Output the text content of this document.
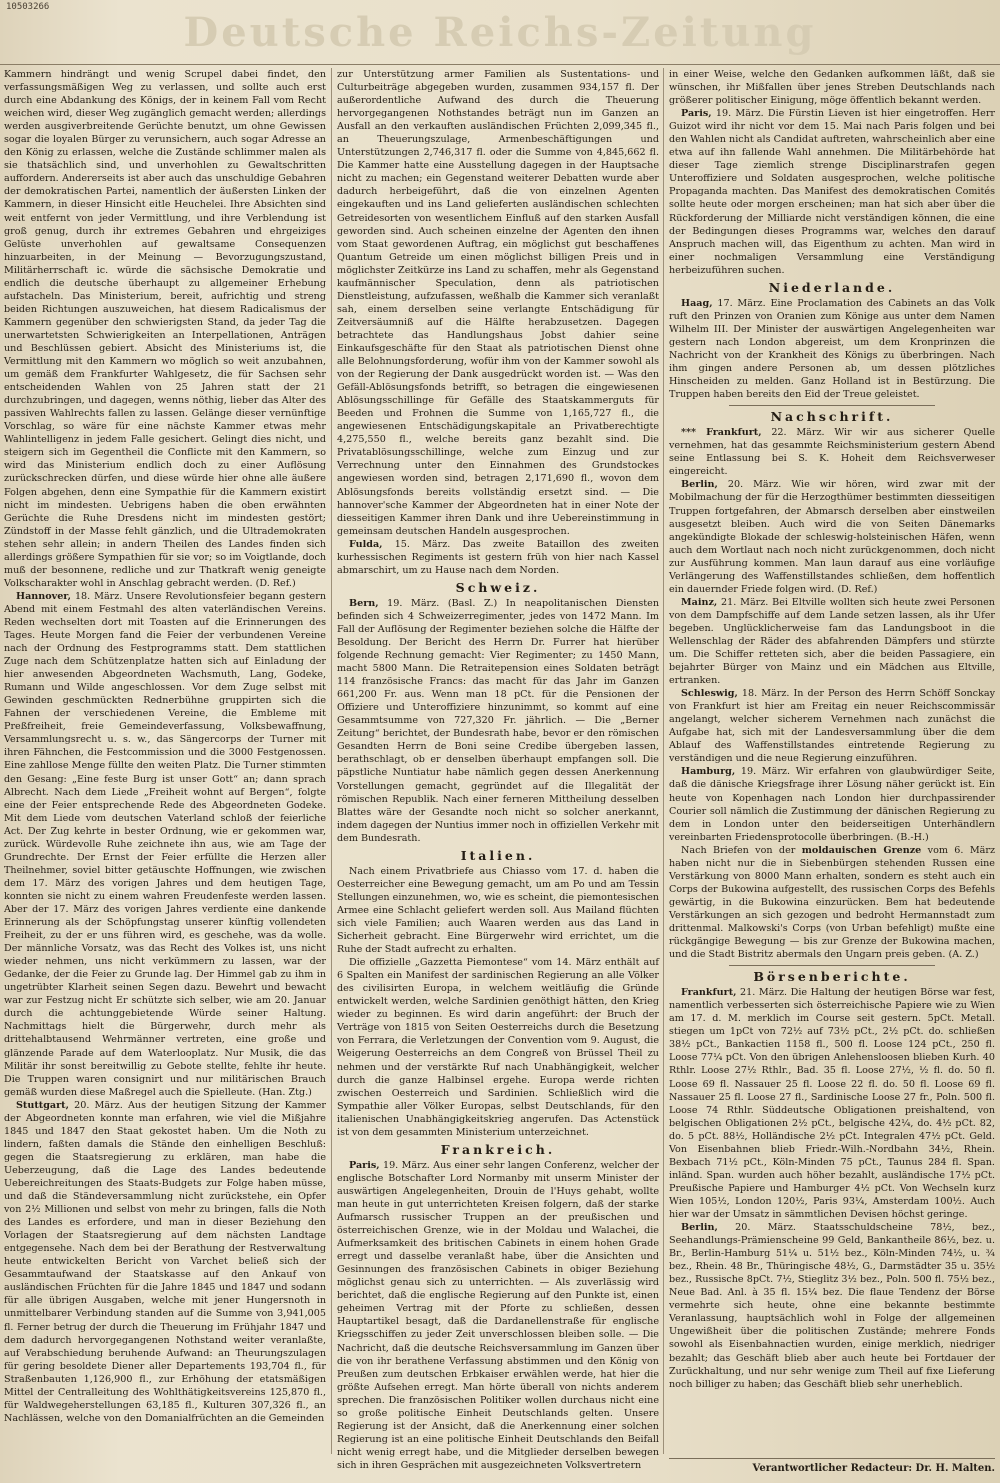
10503266
Deutsche Reichs-Zeitung

Kammern hindrängt und wenig Scrupel dabei findet, den verfassungsmäßigen Weg zu verlassen, und sollte auch erst durch eine Abdankung des Königs, der in keinem Fall vom Recht weichen wird, dieser Weg zugänglich gemacht werden; allerdings werden ausgiverbreitende Gerüchte benutzt, um ohne Gewissen sogar die loyalen Bürger zu verunsichern, auch sogar Adresse an den König zu erlassen, welche die Zustände schlimmer malen als sie thatsächlich sind, und unverhohlen zu Gewaltschritten auffordern. Andererseits ist aber auch das unschuldige Gebahren der demokratischen Partei, namentlich der äußersten Linken der Kammern, in dieser Hinsicht eitle Heuchelei. Ihre Absichten sind weit entfernt von jeder Vermittlung, und ihre Verblendung ist groß genug, durch ihr extremes Gebahren und ehrgeiziges Gelüste unverhohlen auf gewaltsame Consequenzen hinzuarbeiten, in der Meinung — Bevorzugungszustand, Militärherrschaft ic. würde die sächsische Demokratie und endlich die deutsche überhaupt zu allgemeiner Erhebung aufstacheln. Das Ministerium, bereit, aufrichtig und streng beiden Richtungen auszuweichen, hat diesem Radicalismus der Kammern gegenüber den schwierigsten Stand, da jeder Tag die unerwartetsten Schwierigkeiten an Interpellationen, Anträgen und Beschlüssen gebiert. Absicht des Ministeriums ist, die Vermittlung mit den Kammern wo möglich so weit anzubahnen, um gemäß dem Frankfurter Wahlgesetz, die für Sachsen sehr entscheidenden Wahlen von 25 Jahren statt der 21 durchzubringen, und dagegen, wenns nöthig, lieber das Alter des passiven Wahlrechts fallen zu lassen. Gelänge dieser vernünftige Vorschlag, so wäre für eine nächste Kammer etwas mehr Wahlintelligenz in jedem Falle gesichert. Gelingt dies nicht, und steigern sich im Gegentheil die Conflicte mit den Kammern, so wird das Ministerium endlich doch zu einer Auflösung zurückschrecken dürfen, und diese würde hier ohne alle äußere Folgen abgehen, denn eine Sympathie für die Kammern existirt nicht im mindesten. Uebrigens haben die oben erwähnten Gerüchte die Ruhe Dresdens nicht im mindesten gestört; Zündstoff in der Masse fehlt gänzlich, und die Ultrademokraten stehen sehr allein; in andern Theilen des Landes finden sich allerdings größere Sympathien für sie vor; so im Voigtlande, doch muß der besonnene, redliche und zur Thatkraft wenig geneigte Volkscharakter wohl in Anschlag gebracht werden. (D. Ref.)

Hannover, 18. März. Unsere Revolutionsfeier begann gestern Abend mit einem Festmahl des alten vaterländischen Vereins. Reden wechselten dort mit Toasten auf die Erinnerungen des Tages. Heute Morgen fand die Feier der verbundenen Vereine nach der Ordnung des Festprogramms statt. Dem stattlichen Zuge nach dem Schützenplatze hatten sich auf Einladung der hier anwesenden Abgeordneten Wachsmuth, Lang, Godeke, Rumann und Wilde angeschlossen. Vor dem Zuge selbst mit Gewinden geschmückten Rednerbühne gruppirten sich die Fahnen der verschiedenen Vereine, die Embleme mit Preßfreiheit, freie Gemeindeverfassung, Volksbewaffnung, Versammlungsrecht u. s. w., das Sängercorps der Turner mit ihren Fähnchen, die Festcommission und die 3000 Festgenossen. Eine zahllose Menge füllte den weiten Platz. Die Turner stimmten den Gesang: „Eine feste Burg ist unser Gott“ an; dann sprach Albrecht. Nach dem Liede „Freiheit wohnt auf Bergen“, folgte eine der Feier entsprechende Rede des Abgeordneten Godeke. Mit dem Liede vom deutschen Vaterland schloß der feierliche Act. Der Zug kehrte in bester Ordnung, wie er gekommen war, zurück. Würdevolle Ruhe zeichnete ihn aus, wie am Tage der Grundrechte. Der Ernst der Feier erfüllte die Herzen aller Theilnehmer, soviel bitter getäuschte Hoffnungen, wie zwischen dem 17. März des vorigen Jahres und dem heutigen Tage, konnten sie nicht zu einem wahren Freudenfeste werden lassen. Aber der 17. März des vorigen Jahres verdiente eine dankende Erinnerung als der Schöpfungstag unserer künftig vollendeten Freiheit, zu der er uns führen wird, es geschehe, was da wolle. Der männliche Vorsatz, was das Recht des Volkes ist, uns nicht wieder nehmen, uns nicht verkümmern zu lassen, war der Gedanke, der die Feier zu Grunde lag. Der Himmel gab zu ihm in ungetrübter Klarheit seinen Segen dazu. Bewehrt und bewacht war zur Festzug nicht Er schützte sich selber, wie am 20. Januar durch die achtunggebietende Würde seiner Haltung. Nachmittags hielt die Bürgerwehr, durch mehr als drittehalbtausend Wehrmänner vertreten, eine große und glänzende Parade auf dem Waterlooplatz. Nur Musik, die das Militär ihr sonst bereitwillig zu Gebote stellte, fehlte ihr heute. Die Truppen waren consignirt und nur militärischen Brauch gemäß wurden diese Maßregel auch die Spielleute. (Han. Ztg.)

Stuttgart, 20. März. Aus der heutigen Sitzung der Kammer der Abgeordneten konnte man erfahren, wie viel die Mißjahre 1845 und 1847 den Staat gekostet haben. Um die Noth zu lindern, faßten damals die Stände den einhelligen Beschluß: gegen die Staatsregierung zu erklären, man habe die Ueberzeugung, daß die Lage des Landes bedeutende Uebereichreitungen des Staats-Budgets zur Folge haben müsse, und daß die Ständeversammlung nicht zurückstehe, ein Opfer von 2½ Millionen und selbst von mehr zu bringen, falls die Noth des Landes es erfordere, und man in dieser Beziehung den Vorlagen der Staatsregierung auf dem nächsten Landtage entgegensehe. Nach dem bei der Berathung der Restverwaltung heute entwickelten Bericht von Varchet beließ sich der Gesammtaufwand der Staatskasse auf den Ankauf von ausländischen Früchten für die Jahre 1845 und 1847 und sodann für alle übrigen Ausgaben, welche mit jener Hungersnoth in unmittelbarer Verbindung standen auf die Summe von 3,941,005 fl. Ferner betrug der durch die Theuerung im Frühjahr 1847 und dem dadurch hervorgegangenen Nothstand weiter veranlaßte, auf Verabschiedung beruhende Aufwand: an Theurungszulagen für gering besoldete Diener aller Departements 193,704 fl., für Straßenbauten 1,126,900 fl., zur Erhöhung der etatsmäßigen Mittel der Centralleitung des Wohlthätigkeitsvereins 125,870 fl., für Waldwegeherstellungen 63,185 fl., Kulturen 307,326 fl., an Nachlässen, welche von den Domanialfrüchten an die Gemeinden

zur Unterstützung armer Familien als Sustentations- und Culturbeiträge abgegeben wurden, zusammen 934,157 fl. Der außerordentliche Aufwand des durch die Theuerung hervorgegangenen Nothstandes beträgt nun im Ganzen an Ausfall an den verkauften ausländischen Früchten 2,099,345 fl., an Theuerungszulage, Armenbeschäftigungen und Unterstützungen 2,746,317 fl. oder die Summe von 4,845,662 fl. Die Kammer hatte eine Ausstellung dagegen in der Hauptsache nicht zu machen; ein Gegenstand weiterer Debatten wurde aber dadurch herbeigeführt, daß die von einzelnen Agenten eingekauften und ins Land gelieferten ausländischen schlechten Getreidesorten von wesentlichem Einfluß auf den starken Ausfall geworden sind. Auch scheinen einzelne der Agenten den ihnen vom Staat gewordenen Auftrag, ein möglichst gut beschaffenes Quantum Getreide um einen möglichst billigen Preis und in möglichster Zeitkürze ins Land zu schaffen, mehr als Gegenstand kaufmännischer Speculation, denn als patriotischen Dienstleistung, aufzufassen, weßhalb die Kammer sich veranlaßt sah, einem derselben seine verlangte Entschädigung für Zeitversäumniß auf die Hälfte herabzusetzen. Dagegen betrachtete das Handlungshaus Jobst dahier seine Einkaufsgeschäfte für den Staat als patriotischen Dienst ohne alle Belohnungsforderung, wofür ihm von der Kammer sowohl als von der Regierung der Dank ausgedrückt worden ist. — Was den Gefäll-Ablösungsfonds betrifft, so betragen die eingewiesenen Ablösungsschillinge für Gefälle des Staatskammerguts für Beeden und Frohnen die Summe von 1,165,727 fl., die angewiesenen Entschädigungskapitale an Privatberechtigte 4,275,550 fl., welche bereits ganz bezahlt sind. Die Privatablösungsschillinge, welche zum Einzug und zur Verrechnung unter den Einnahmen des Grundstockes angewiesen worden sind, betragen 2,171,690 fl., wovon dem Ablösungsfonds bereits vollständig ersetzt sind. — Die hannover'sche Kammer der Abgeordneten hat in einer Note der diesseitigen Kammer ihren Dank und ihre Uebereinstimmung in gemeinsam deutschen Handeln ausgesprochen.

Fulda, 15. März. Das zweite Bataillon des zweiten kurhessischen Regiments ist gestern früh von hier nach Kassel abmarschirt, um zu Hause nach dem Norden.

Schweiz.

Bern, 19. März. (Basl. Z.) In neapolitanischen Diensten befinden sich 4 Schweizerregimenter, jedes von 1472 Mann. Im Fall der Auflösung der Regimenter beziehen solche die Hälfte der Besoldung. Der Bericht des Herrn Dr. Furrer hat hierüber folgende Rechnung gemacht: Vier Regimenter; zu 1450 Mann, macht 5800 Mann. Die Retraitepension eines Soldaten beträgt 114 französische Francs: das macht für das Jahr im Ganzen 661,200 Fr. aus. Wenn man 18 pCt. für die Pensionen der Offiziere und Unteroffiziere hinzunimmt, so kommt auf eine Gesammtsumme von 727,320 Fr. jährlich. — Die „Berner Zeitung“ berichtet, der Bundesrath habe, bevor er den römischen Gesandten Herrn de Boni seine Credibe übergeben lassen, berathschlagt, ob er denselben überhaupt empfangen soll. Die päpstliche Nuntiatur habe nämlich gegen dessen Anerkennung Vorstellungen gemacht, gegründet auf die Illegalität der römischen Republik. Nach einer ferneren Mittheilung desselben Blattes wäre der Gesandte noch nicht so solcher anerkannt, indem dagegen der Nuntius immer noch in offiziellen Verkehr mit dem Bundesrath.

Italien.

Nach einem Privatbriefe aus Chiasso vom 17. d. haben die Oesterreicher eine Bewegung gemacht, um am Po und am Tessin Stellungen einzunehmen, wo, wie es scheint, die piemontesischen Armee eine Schlacht geliefert werden soll. Aus Mailand flüchten sich viele Familien; auch Waaren werden aus das Land in Sicherheit gebracht. Eine Bürgerwehr wird errichtet, um die Ruhe der Stadt aufrecht zu erhalten.

Die offizielle „Gazzetta Piemontese“ vom 14. März enthält auf 6 Spalten ein Manifest der sardinischen Regierung an alle Völker des civilisirten Europa, in welchem weitläufig die Gründe entwickelt werden, welche Sardinien genöthigt hätten, den Krieg wieder zu beginnen. Es wird darin angeführt: der Bruch der Verträge von 1815 von Seiten Oesterreichs durch die Besetzung von Ferrara, die Verletzungen der Convention vom 9. August, die Weigerung Oesterreichs an dem Congreß von Brüssel Theil zu nehmen und der verstärkte Ruf nach Unabhängigkeit, welcher durch die ganze Halbinsel ergehe. Europa werde richten zwischen Oesterreich und Sardinien. Schließlich wird die Sympathie aller Völker Europas, selbst Deutschlands, für den italienischen Unabhängigkeitskrieg angerufen. Das Actenstück ist von dem gesammten Ministerium unterzeichnet.

Frankreich.

Paris, 19. März. Aus einer sehr langen Conferenz, welcher der englische Botschafter Lord Normanby mit unserm Minister der auswärtigen Angelegenheiten, Drouin de l'Huys gehabt, wollte man heute in gut unterrichteten Kreisen folgern, daß der starke Aufmarsch russischer Truppen an der preußischen und österreichischen Grenze, wie in der Moldau und Walachei, die Aufmerksamkeit des britischen Cabinets in einem hohen Grade erregt und dasselbe veranlaßt habe, über die Ansichten und Gesinnungen des französischen Cabinets in obiger Beziehung möglichst genau sich zu unterrichten. — Als zuverlässig wird berichtet, daß die englische Regierung auf den Punkte ist, einen geheimen Vertrag mit der Pforte zu schließen, dessen Hauptartikel besagt, daß die Dardanellenstraße für englische Kriegsschiffen zu jeder Zeit unverschlossen bleiben solle. — Die Nachricht, daß die deutsche Reichsversammlung im Ganzen über die von ihr berathene Verfassung abstimmen und den König von Preußen zum deutschen Erbkaiser erwählen werde, hat hier die größte Aufsehen erregt. Man hörte überall von nichts anderem sprechen. Die französischen Politiker wollen durchaus nicht eine so große politische Einheit Deutschlands gelten. Unsere Regierung ist der Ansicht, daß die Anerkennung einer solchen Regierung ist an eine politische Einheit Deutschlands den Beifall nicht wenig erregt habe, und die Mitglieder derselben bewegen sich in ihren Gesprächen mit ausgezeichneten Volksvertretern

in einer Weise, welche den Gedanken aufkommen läßt, daß sie wünschen, ihr Mißfallen über jenes Streben Deutschlands nach größerer politischer Einigung, möge öffentlich bekannt werden.

Paris, 19. März. Die Fürstin Lieven ist hier eingetroffen. Herr Guizot wird ihr nicht vor dem 15. Mai nach Paris folgen und bei den Wahlen nicht als Candidat auftreten, wahrscheinlich aber eine etwa auf ihn fallende Wahl annehmen. Die Militärbehörde hat dieser Tage ziemlich strenge Disciplinarstrafen gegen Unteroffiziere und Soldaten ausgesprochen, welche politische Propaganda machten. Das Manifest des demokratischen Comités sollte heute oder morgen erscheinen; man hat sich aber über die Rückforderung der Milliarde nicht verständigen können, die eine der Bedingungen dieses Programms war, welches den darauf Anspruch machen will, das Eigenthum zu achten. Man wird in einer nochmaligen Versammlung eine Verständigung herbeizuführen suchen.

Niederlande.

Haag, 17. März. Eine Proclamation des Cabinets an das Volk ruft den Prinzen von Oranien zum Könige aus unter dem Namen Wilhelm III. Der Minister der auswärtigen Angelegenheiten war gestern nach London abgereist, um dem Kronprinzen die Nachricht von der Krankheit des Königs zu überbringen. Nach ihm gingen andere Personen ab, um dessen plötzliches Hinscheiden zu melden. Ganz Holland ist in Bestürzung. Die Truppen haben bereits den Eid der Treue geleistet.

Nachschrift.

*** Frankfurt, 22. März. Wir wir aus sicherer Quelle vernehmen, hat das gesammte Reichsministerium gestern Abend seine Entlassung bei S. K. Hoheit dem Reichsverweser eingereicht.

Berlin, 20. März. Wie wir hören, wird zwar mit der Mobilmachung der für die Herzogthümer bestimmten diesseitigen Truppen fortgefahren, der Abmarsch derselben aber einstweilen ausgesetzt bleiben. Auch wird die von Seiten Dänemarks angekündigte Blokade der schleswig-holsteinischen Häfen, wenn auch dem Wortlaut nach noch nicht zurückgenommen, doch nicht zur Ausführung kommen. Man laun darauf aus eine vorläufige Verlängerung des Waffenstillstandes schließen, dem hoffentlich ein dauernder Friede folgen wird. (D. Ref.)

Mainz, 21. März. Bei Eltville wollten sich heute zwei Personen von dem Dampfschiffe auf dem Lande setzen lassen, als ihr Ufer begeben. Unglücklicherweise fam das Landungsboot in die Wellenschlag der Räder des abfahrenden Dämpfers und stürzte um. Die Schiffer retteten sich, aber die beiden Passagiere, ein bejahrter Bürger von Mainz und ein Mädchen aus Eltville, ertranken.

Schleswig, 18. März. In der Person des Herrn Schöff Sonckay von Frankfurt ist hier am Freitag ein neuer Reichscommissär angelangt, welcher sicherem Vernehmen nach zunächst die Aufgabe hat, sich mit der Landesversammlung über die dem Ablauf des Waffenstillstandes eintretende Regierung zu verständigen und die neue Regierung einzuführen.

Hamburg, 19. März. Wir erfahren von glaubwürdiger Seite, daß die dänische Kriegsfrage ihrer Lösung näher gerückt ist. Ein heute von Kopenhagen nach London hier durchpassirender Courier soll nämlich die Zustimmung der dänischen Regierung zu dem in London unter den beiderseitigen Unterhändlern vereinbarten Friedensprotocolle überbringen. (B.-H.)

Nach Briefen von der moldauischen Grenze vom 6. März haben nicht nur die in Siebenbürgen stehenden Russen eine Verstärkung von 8000 Mann erhalten, sondern es steht auch ein Corps der Bukowina aufgestellt, des russischen Corps des Befehls gewärtig, in die Bukowina einzurücken. Bem hat bedeutende Verstärkungen an sich gezogen und bedroht Hermannstadt zum drittenmal. Malkowski's Corps (von Urban befehligt) mußte eine rückgängige Bewegung — bis zur Grenze der Bukowina machen, und die Stadt Bistritz abermals den Ungarn preis geben. (A. Z.)

Börsenberichte.

Frankfurt, 21. März. Die Haltung der heutigen Börse war fest, namentlich verbesserten sich österreichische Papiere wie zu Wien am 17. d. M. merklich im Course seit gestern. 5pCt. Metall. stiegen um 1pCt von 72½ auf 73½ pCt., 2½ pCt. do. schließen 38½ pCt., Bankactien 1158 fl., 500 fl. Loose 124 pCt., 250 fl. Loose 77¼ pCt. Von den übrigen Anlehensloosen blieben Kurh. 40 Rthlr. Loose 27½ Rthlr., Bad. 35 fl. Loose 27½, ½ fl. do. 50 fl. Loose 69 fl. Nassauer 25 fl. Loose 22 fl. do. 50 fl. Loose 69 fl. Nassauer 25 fl. Loose 27 fl., Sardinische Loose 27 fr., Poln. 500 fl. Loose 74 Rthlr. Süddeutsche Obligationen preishaltend, von belgischen Obligationen 2½ pCt., belgische 42¼, do. 4½ pCt. 82, do. 5 pCt. 88½, Holländische 2½ pCt. Integralen 47½ pCt. Geld. Von Eisenbahnen blieb Friedr.-Wilh.-Nordbahn 34½, Rhein. Bexbach 71½ pCt., Köln-Minden 75 pCt., Taunus 284 fl. Span. inländ. Span. wurden auch höher bezahlt, ausländische 17½ pCt. Preußische Papiere und Hamburger 4½ pCt. Von Wechseln kurz Wien 105½, London 120½, Paris 93¼, Amsterdam 100½. Auch hier war der Umsatz in sämmtlichen Devisen höchst geringe.

Berlin, 20. März. Staatsschuldscheine 78½, bez., Seehandlungs-Prämienscheine 99 Geld, Bankantheile 86½, bez. u. Br., Berlin-Hamburg 51¼ u. 51½ bez., Köln-Minden 74½, u. ¾ bez., Rhein. 48 Br., Thüringische 48½, G., Darmstädter 35 u. 35½ bez., Russische 8pCt. 7½, Stieglitz 3½ bez., Poln. 500 fl. 75½ bez., Neue Bad. Anl. à 35 fl. 15¼ bez. Die flaue Tendenz der Börse vermehrte sich heute, ohne eine bekannte bestimmte Veranlassung, hauptsächlich wohl in Folge der allgemeinen Ungewißheit über die politischen Zustände; mehrere Fonds sowohl als Eisenbahnactien wurden, einige merklich, niedriger bezahlt; das Geschäft blieb aber auch heute bei Fortdauer der Zurückhaltung, und nur sehr wenige zum Theil auf fixe Lieferung noch billiger zu haben; das Geschäft blieb sehr unerheblich.

Verantwortlicher Redacteur: Dr. H. Malten.
